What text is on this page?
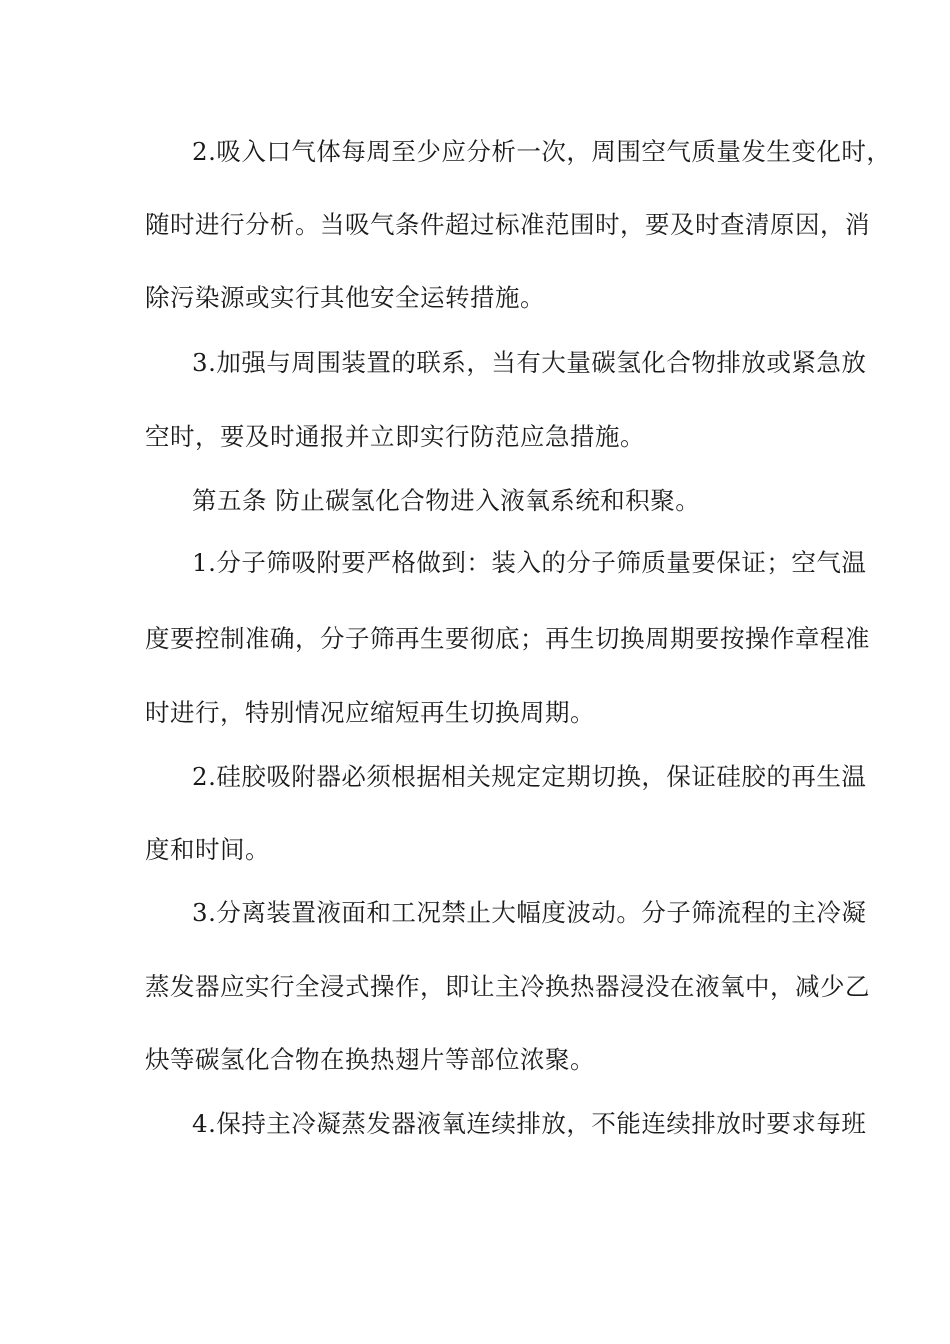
2.吸入口气体每周至少应分析一次，周围空气质量发生变化时，

随时进行分析。当吸气条件超过标准范围时，要及时查清原因，消

除污染源或实行其他安全运转措施。

3.加强与周围装置的联系，当有大量碳氢化合物排放或紧急放

空时，要及时通报并立即实行防范应急措施。

第五条 防止碳氢化合物进入液氧系统和积聚。

1.分子筛吸附要严格做到：装入的分子筛质量要保证；空气温

度要控制准确，分子筛再生要彻底；再生切换周期要按操作章程准

时进行，特别情况应缩短再生切换周期。

2.硅胶吸附器必须根据相关规定定期切换，保证硅胶的再生温

度和时间。

3.分离装置液面和工况禁止大幅度波动。分子筛流程的主冷凝

蒸发器应实行全浸式操作，即让主冷换热器浸没在液氧中，减少乙

炔等碳氢化合物在换热翅片等部位浓聚。

4.保持主冷凝蒸发器液氧连续排放，不能连续排放时要求每班
